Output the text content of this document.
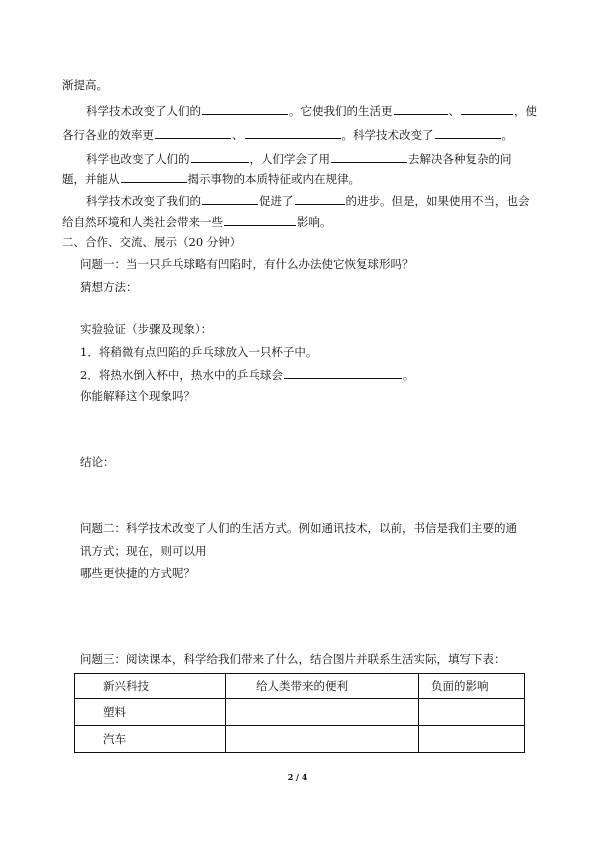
渐提高。
科学技术改变了人们的	。它使我们的生活更	、	，使
各行各业的效率更	、	。科学技术改变了	。
科学也改变了人们的	，人们学会了用	去解决各种复杂的问
题，并能从	揭示事物的本质特征或内在规律。
科学技术改变了我们的	促进了	的进步。但是，如果使用不当，也会
给自然环境和人类社会带来一些	影响。
二、合作、交流、展示（20 分钟）
问题一：当一只乒乓球略有凹陷时，有什么办法使它恢复球形吗？
猜想方法：
实验验证（步骤及现象）：
1．将稍微有点凹陷的乒乓球放入一只杯子中。
2．将热水倒入杯中，热水中的乒乓球会	。
你能解释这个现象吗？
结论：
问题二：科学技术改变了人们的生活方式。例如通讯技术，以前，书信是我们主要的通
讯方式；现在，则可以用
哪些更快捷的方式呢？
问题三：阅读课本，科学给我们带来了什么，结合图片并联系生活实际，填写下表：
新兴科技	给人类带来的便利	负面的影响
塑料		
汽车		
2 / 4
